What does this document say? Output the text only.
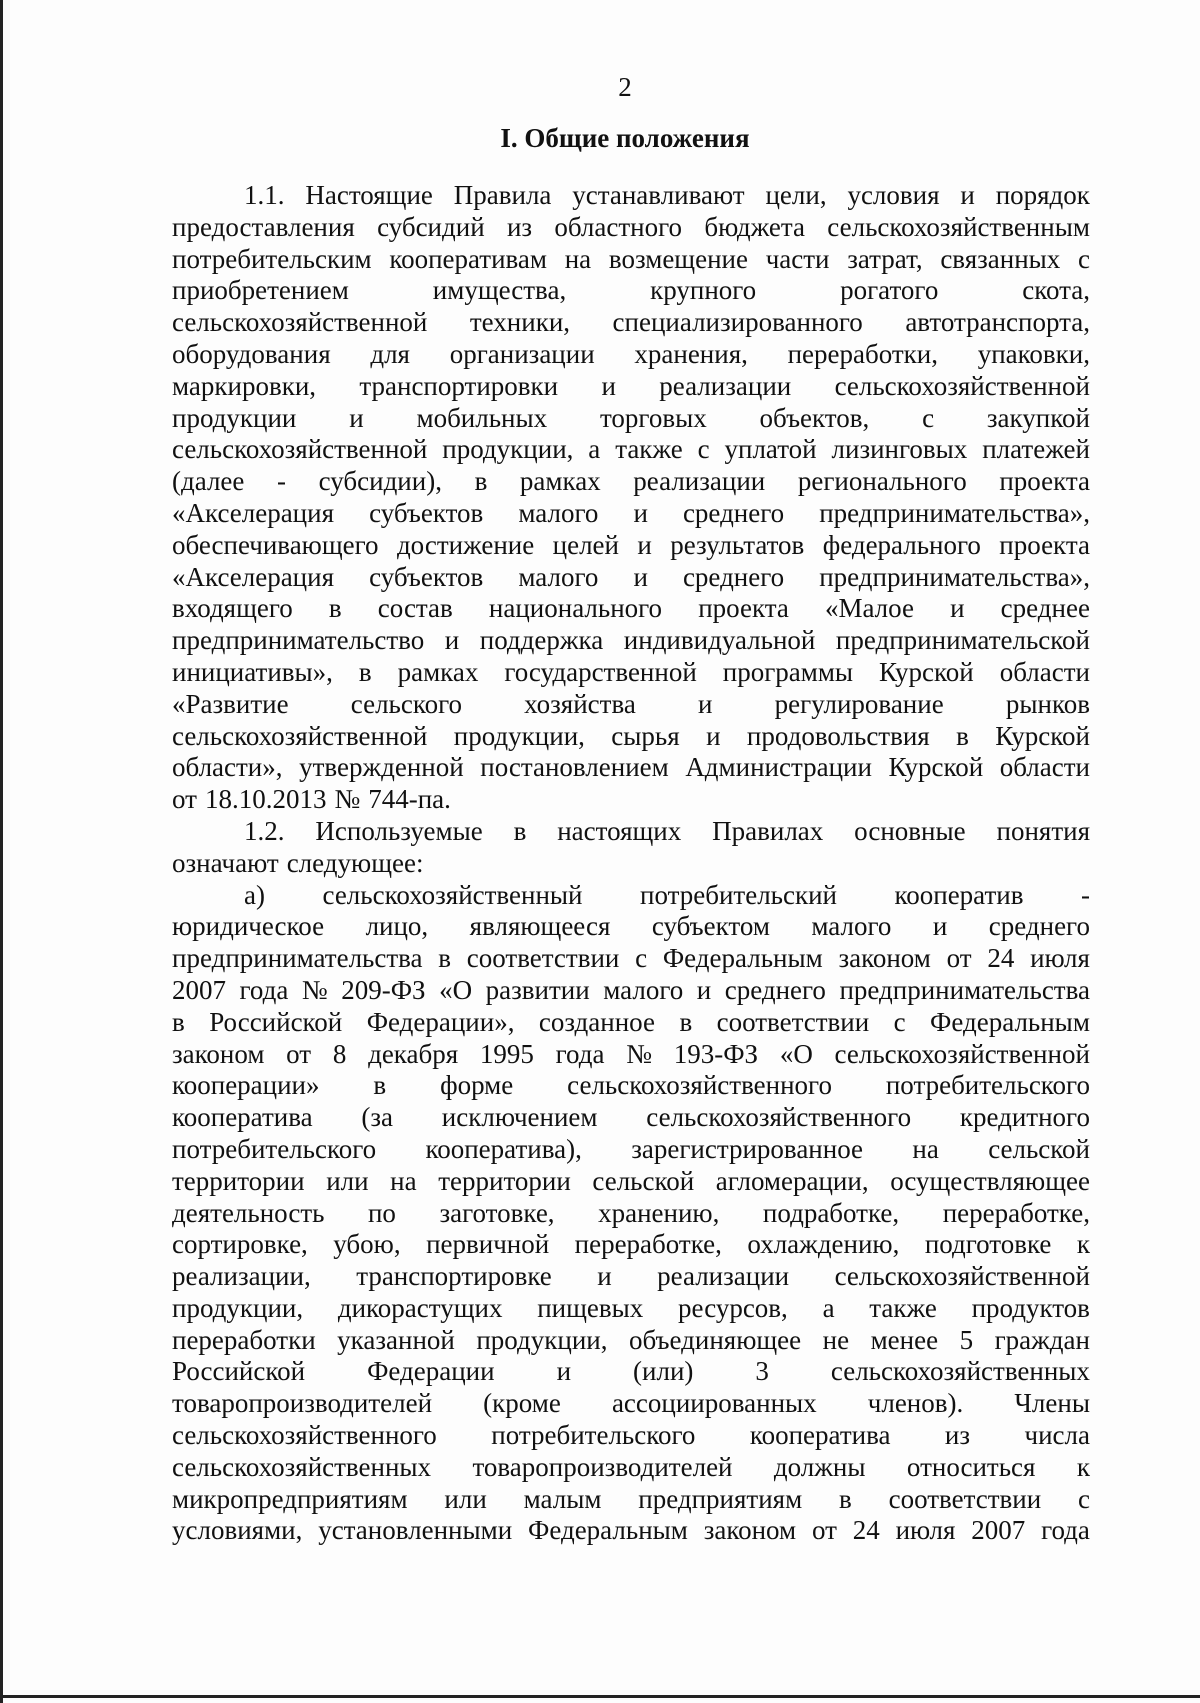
2
I. Общие положения
1.1. Настоящие Правила устанавливают цели, условия и порядок
предоставления субсидий из областного бюджета сельскохозяйственным
потребительским кооперативам на возмещение части затрат, связанных с
приобретением	имущества,	крупного	рогатого	скота,
сельскохозяйственной техники, специализированного автотранспорта,
оборудования для организации хранения, переработки, упаковки,
маркировки, транспортировки и реализации сельскохозяйственной
продукции и мобильных торговых объектов, с закупкой
сельскохозяйственной продукции, а также с уплатой лизинговых платежей
(далее - субсидии), в рамках реализации регионального проекта
«Акселерация субъектов малого и среднего предпринимательства»,
обеспечивающего достижение целей и результатов федерального проекта
«Акселерация субъектов малого и среднего предпринимательства»,
входящего в состав национального проекта «Малое и среднее
предпринимательство и поддержка индивидуальной предпринимательской
инициативы», в рамках государственной программы Курской области
«Развитие сельского хозяйства и регулирование рынков
сельскохозяйственной продукции, сырья и продовольствия в Курской
области», утвержденной постановлением Администрации Курской области
от 18.10.2013 № 744-па.
1.2. Используемые в настоящих Правилах основные понятия
означают следующее:
а) сельскохозяйственный потребительский кооператив -
юридическое лицо, являющееся субъектом малого и среднего
предпринимательства в соответствии с Федеральным законом от 24 июля
2007 года № 209-ФЗ «О развитии малого и среднего предпринимательства
в Российской Федерации», созданное в соответствии с Федеральным
законом от 8 декабря 1995 года № 193-ФЗ «О сельскохозяйственной
кооперации» в форме сельскохозяйственного потребительского
кооператива (за исключением сельскохозяйственного кредитного
потребительского кооператива), зарегистрированное на сельской
территории или на территории сельской агломерации, осуществляющее
деятельность по заготовке, хранению, подработке, переработке,
сортировке, убою, первичной переработке, охлаждению, подготовке к
реализации, транспортировке и реализации сельскохозяйственной
продукции, дикорастущих пищевых ресурсов, а также продуктов
переработки указанной продукции, объединяющее не менее 5 граждан
Российской Федерации и (или) 3 сельскохозяйственных
товаропроизводителей (кроме ассоциированных членов). Члены
сельскохозяйственного потребительского кооператива из числа
сельскохозяйственных товаропроизводителей должны относиться к
микропредприятиям или малым предприятиям в соответствии с
условиями, установленными Федеральным законом от 24 июля 2007 года
